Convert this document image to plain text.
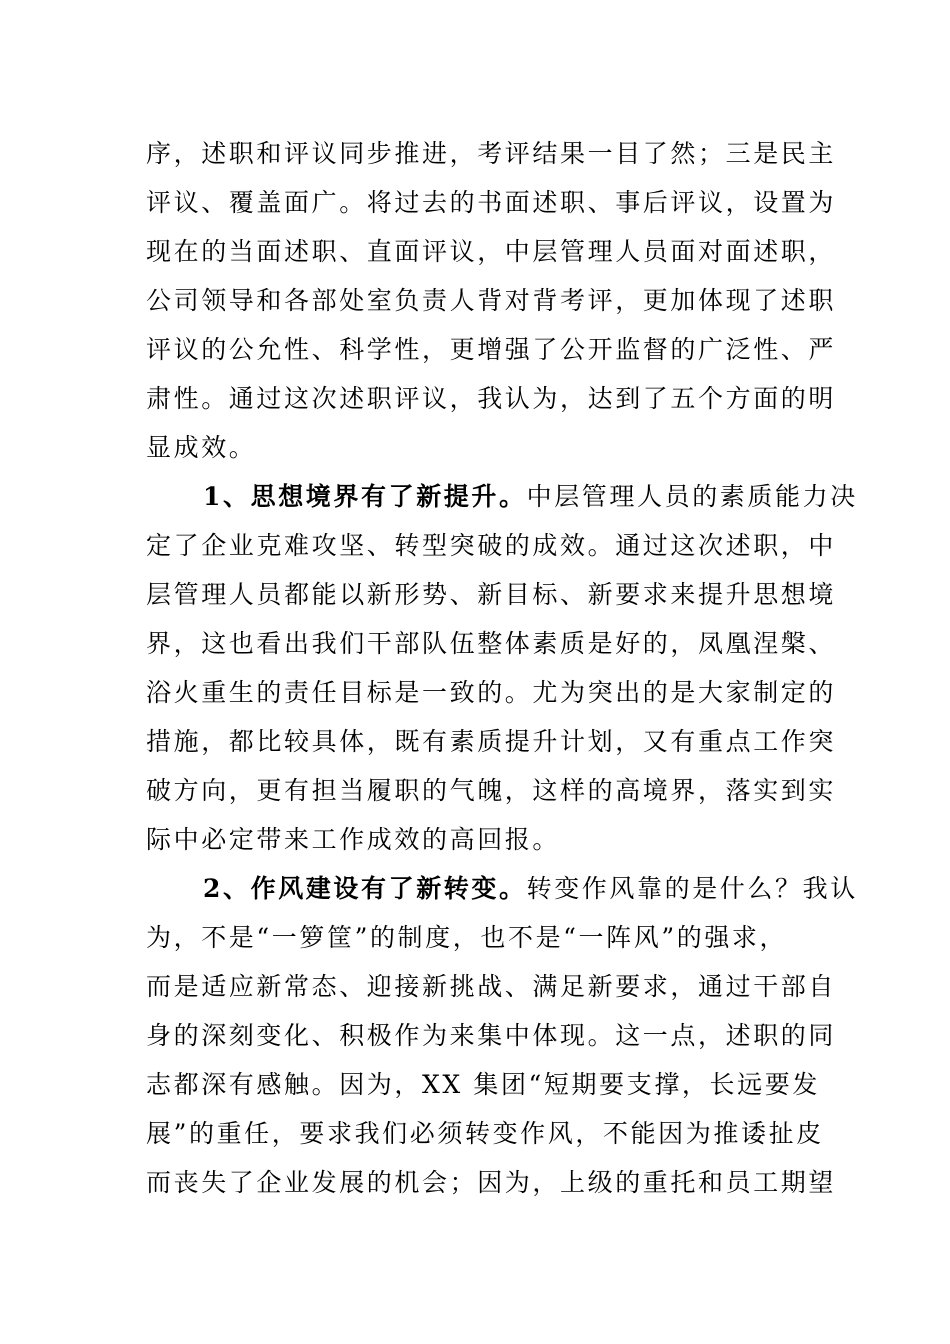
序，述职和评议同步推进，考评结果一目了然；三是民主
评议、覆盖面广。将过去的书面述职、事后评议，设置为
现在的当面述职、直面评议，中层管理人员面对面述职，
公司领导和各部处室负责人背对背考评，更加体现了述职
评议的公允性、科学性，更增强了公开监督的广泛性、严
肃性。通过这次述职评议，我认为，达到了五个方面的明
显成效。
1、思想境界有了新提升。中层管理人员的素质能力决
定了企业克难攻坚、转型突破的成效。通过这次述职，中
层管理人员都能以新形势、新目标、新要求来提升思想境
界，这也看出我们干部队伍整体素质是好的，凤凰涅槃、
浴火重生的责任目标是一致的。尤为突出的是大家制定的
措施，都比较具体，既有素质提升计划，又有重点工作突
破方向，更有担当履职的气魄，这样的高境界，落实到实
际中必定带来工作成效的高回报。
2、作风建设有了新转变。转变作风靠的是什么？我认
为，不是“一箩筐”的制度，也不是“一阵风”的强求，
而是适应新常态、迎接新挑战、满足新要求，通过干部自
身的深刻变化、积极作为来集中体现。这一点，述职的同
志都深有感触。因为，XX 集团“短期要支撑，长远要发
展”的重任，要求我们必须转变作风，不能因为推诿扯皮
而丧失了企业发展的机会；因为，上级的重托和员工期望
